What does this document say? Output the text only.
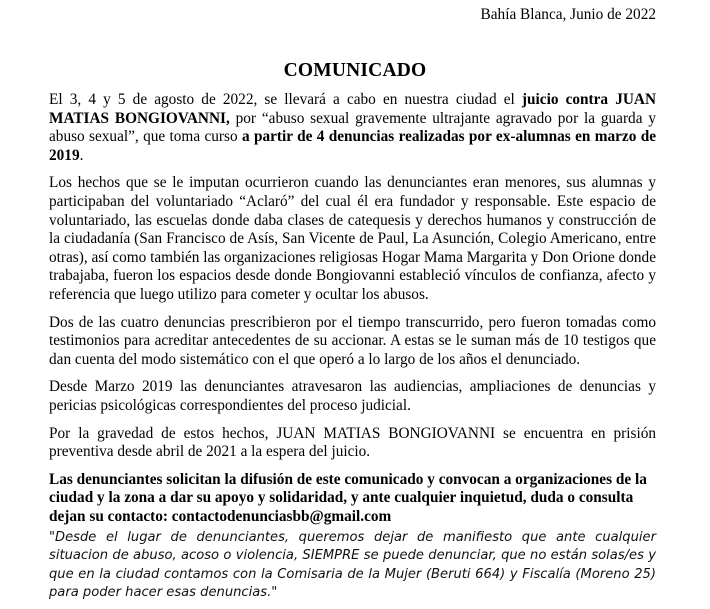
Bahía Blanca, Junio de 2022
COMUNICADO

El 3, 4 y 5 de agosto de 2022, se llevará a cabo en nuestra ciudad el juicio contra JUAN MATIAS BONGIOVANNI, por “abuso sexual gravemente ultrajante agravado por la guarda y abuso sexual”, que toma curso a partir de 4 denuncias realizadas por ex-alumnas en marzo de 2019.

Los hechos que se le imputan ocurrieron cuando las denunciantes eran menores, sus alumnas y participaban del voluntariado “Aclaró” del cual él era fundador y responsable. Este espacio de voluntariado, las escuelas donde daba clases de catequesis y derechos humanos y construcción de la ciudadanía (San Francisco de Asís, San Vicente de Paul, La Asunción, Colegio Americano, entre otras), así como también las organizaciones religiosas Hogar Mama Margarita y Don Orione donde trabajaba, fueron los espacios desde donde Bongiovanni estableció vínculos de confianza, afecto y referencia que luego utilizo para cometer y ocultar los abusos.

Dos de las cuatro denuncias prescribieron por el tiempo transcurrido, pero fueron tomadas como testimonios para acreditar antecedentes de su accionar. A estas se le suman más de 10 testigos que dan cuenta del modo sistemático con el que operó a lo largo de los años el denunciado.

Desde Marzo 2019 las denunciantes atravesaron las audiencias, ampliaciones de denuncias y pericias psicológicas correspondientes del proceso judicial.

Por la gravedad de estos hechos, JUAN MATIAS BONGIOVANNI se encuentra en prisión preventiva desde abril de 2021 a la espera del juicio.

Las denunciantes solicitan la difusión de este comunicado y convocan a organizaciones de la ciudad y la zona a dar su apoyo y solidaridad, y ante cualquier inquietud, duda o consulta dejan su contacto: contactodenunciasbb@gmail.com

"Desde el lugar de denunciantes, queremos dejar de manifiesto que ante cualquier situacion de abuso, acoso o violencia, SIEMPRE se puede denunciar, que no están solas/es y que en la ciudad contamos con la Comisaria de la Mujer (Beruti 664) y Fiscalía (Moreno 25) para poder hacer esas denuncias."
